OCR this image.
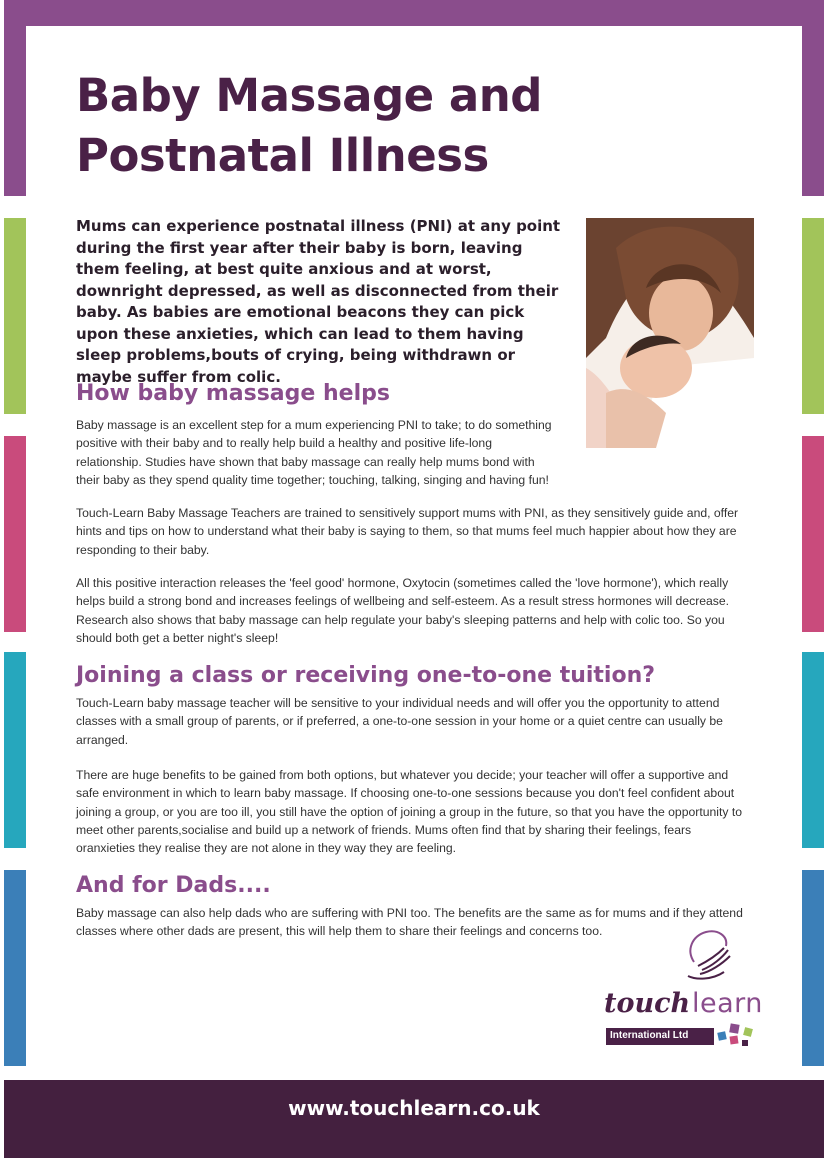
Baby Massage and
Postnatal Illness

Mums can experience postnatal illness (PNI) at any point during the first year after their baby is born, leaving them feeling, at best quite anxious and at worst, downright depressed, as well as disconnected from their baby. As babies are emotional beacons they can pick upon these anxieties, which can lead to them having sleep problems,bouts of crying, being withdrawn or maybe suffer from colic.

How baby massage helps

Baby massage is an excellent step for a mum experiencing PNI to take; to do something positive with their baby and to really help build a healthy and positive life-long relationship. Studies have shown that baby massage can really help mums bond with their baby as they spend quality time together; touching, talking, singing and having fun!

Touch-Learn Baby Massage Teachers are trained to sensitively support mums with PNI, as they sensitively guide and, offer hints and tips on how to understand what their baby is saying to them, so that mums feel much happier about how they are responding to their baby.

All this positive interaction releases the 'feel good' hormone, Oxytocin (sometimes called the 'love hormone'), which really helps build a strong bond and increases feelings of wellbeing and self-esteem. As a result stress hormones will decrease. Research also shows that baby massage can help regulate your baby's sleeping patterns and help with colic too. So you should both get a better night's sleep!

Joining a class or receiving one-to-one tuition?

Touch-Learn baby massage teacher will be sensitive to your individual needs and will offer you the opportunity to attend classes with a small group of parents, or if preferred, a one-to-one session in your home or a quiet centre can usually be arranged.

There are huge benefits to be gained from both options, but whatever you decide; your teacher will offer a supportive and safe environment in which to learn baby massage. If choosing one-to-one sessions because you don't feel confident about joining a group, or you are too ill, you still have the option of joining a group in the future, so that you have the opportunity to meet other parents,socialise and build up a network of friends. Mums often find that by sharing their feelings, fears oranxieties they realise they are not alone in they way they are feeling.

And for Dads....

Baby massage can also help dads who are suffering with PNI too. The benefits are the same as for mums and if they attend classes where other dads are present, this will help them to share their feelings and concerns too.

touch learn
International Ltd
www.touchlearn.co.uk
